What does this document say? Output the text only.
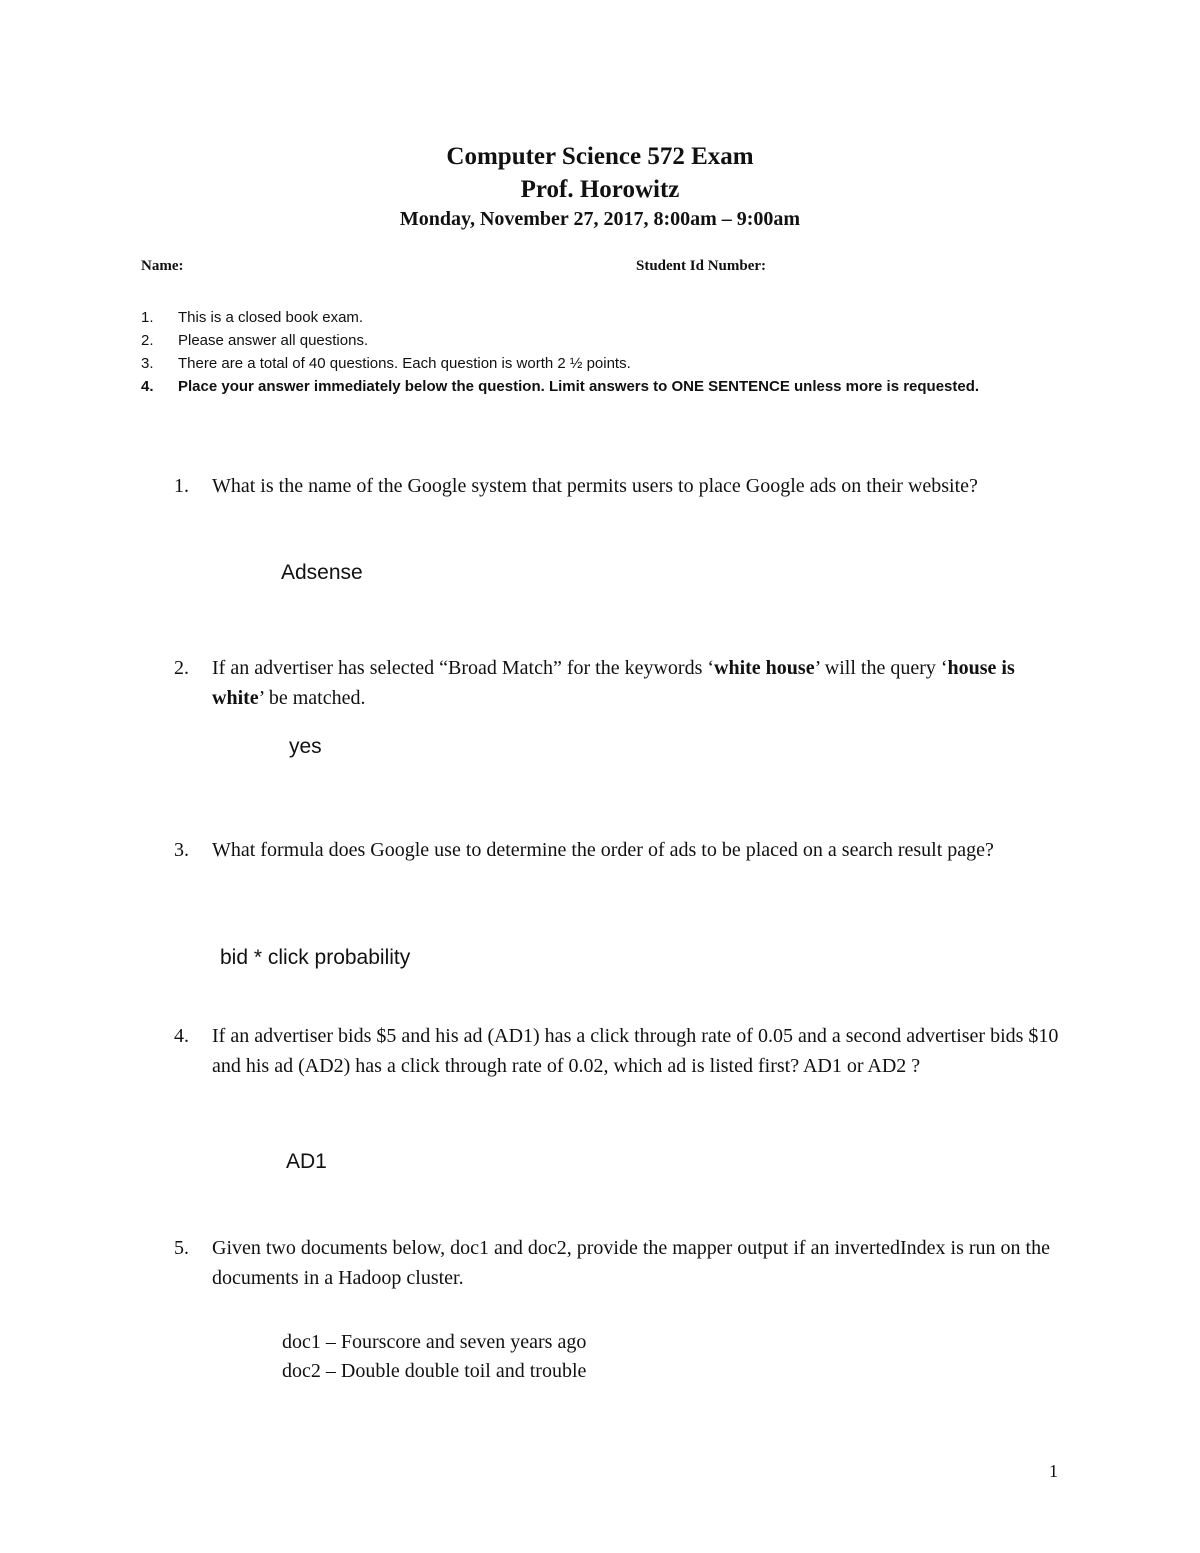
Computer Science 572 Exam
Prof. Horowitz
Monday, November 27, 2017, 8:00am – 9:00am
Name:	Student Id Number:
1. This is a closed book exam.
2. Please answer all questions.
3. There are a total of 40 questions. Each question is worth 2 ½ points.
4. Place your answer immediately below the question. Limit answers to ONE SENTENCE unless more is requested.
1.	What is the name of the Google system that permits users to place Google ads on their website?
Adsense
2.	If an advertiser has selected “Broad Match” for the keywords ‘white house’ will the query ‘house is white’ be matched.
yes
3.	What formula does Google use to determine the order of ads to be placed on a search result page?
bid * click probability
4.	If an advertiser bids $5 and his ad (AD1) has a click through rate of 0.05 and a second advertiser bids $10 and his ad (AD2) has a click through rate of 0.02, which ad is listed first? AD1 or AD2 ?
AD1
5.	Given two documents below, doc1 and doc2, provide the mapper output if an invertedIndex is run on the documents in a Hadoop cluster.
doc1 – Fourscore and seven years ago
doc2 – Double double toil and trouble
1
